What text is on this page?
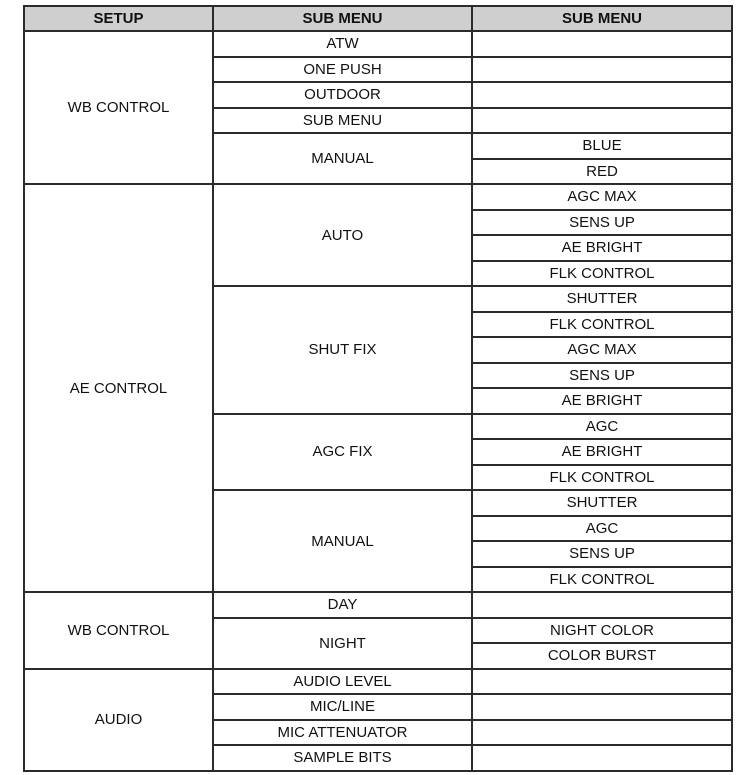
SETUP	SUB MENU	SUB MENU
WB CONTROL	ATW	
	ONE PUSH	
	OUTDOOR	
	SUB MENU	
	MANUAL	BLUE
		RED
AE CONTROL	AUTO	AGC MAX
		SENS UP
		AE BRIGHT
		FLK CONTROL
	SHUT FIX	SHUTTER
		FLK CONTROL
		AGC MAX
		SENS UP
		AE BRIGHT
	AGC FIX	AGC
		AE BRIGHT
		FLK CONTROL
	MANUAL	SHUTTER
		AGC
		SENS UP
		FLK CONTROL
WB CONTROL	DAY	
	NIGHT	NIGHT COLOR
		COLOR BURST
AUDIO	AUDIO LEVEL	
	MIC/LINE	
	MIC ATTENUATOR	
	SAMPLE BITS	
